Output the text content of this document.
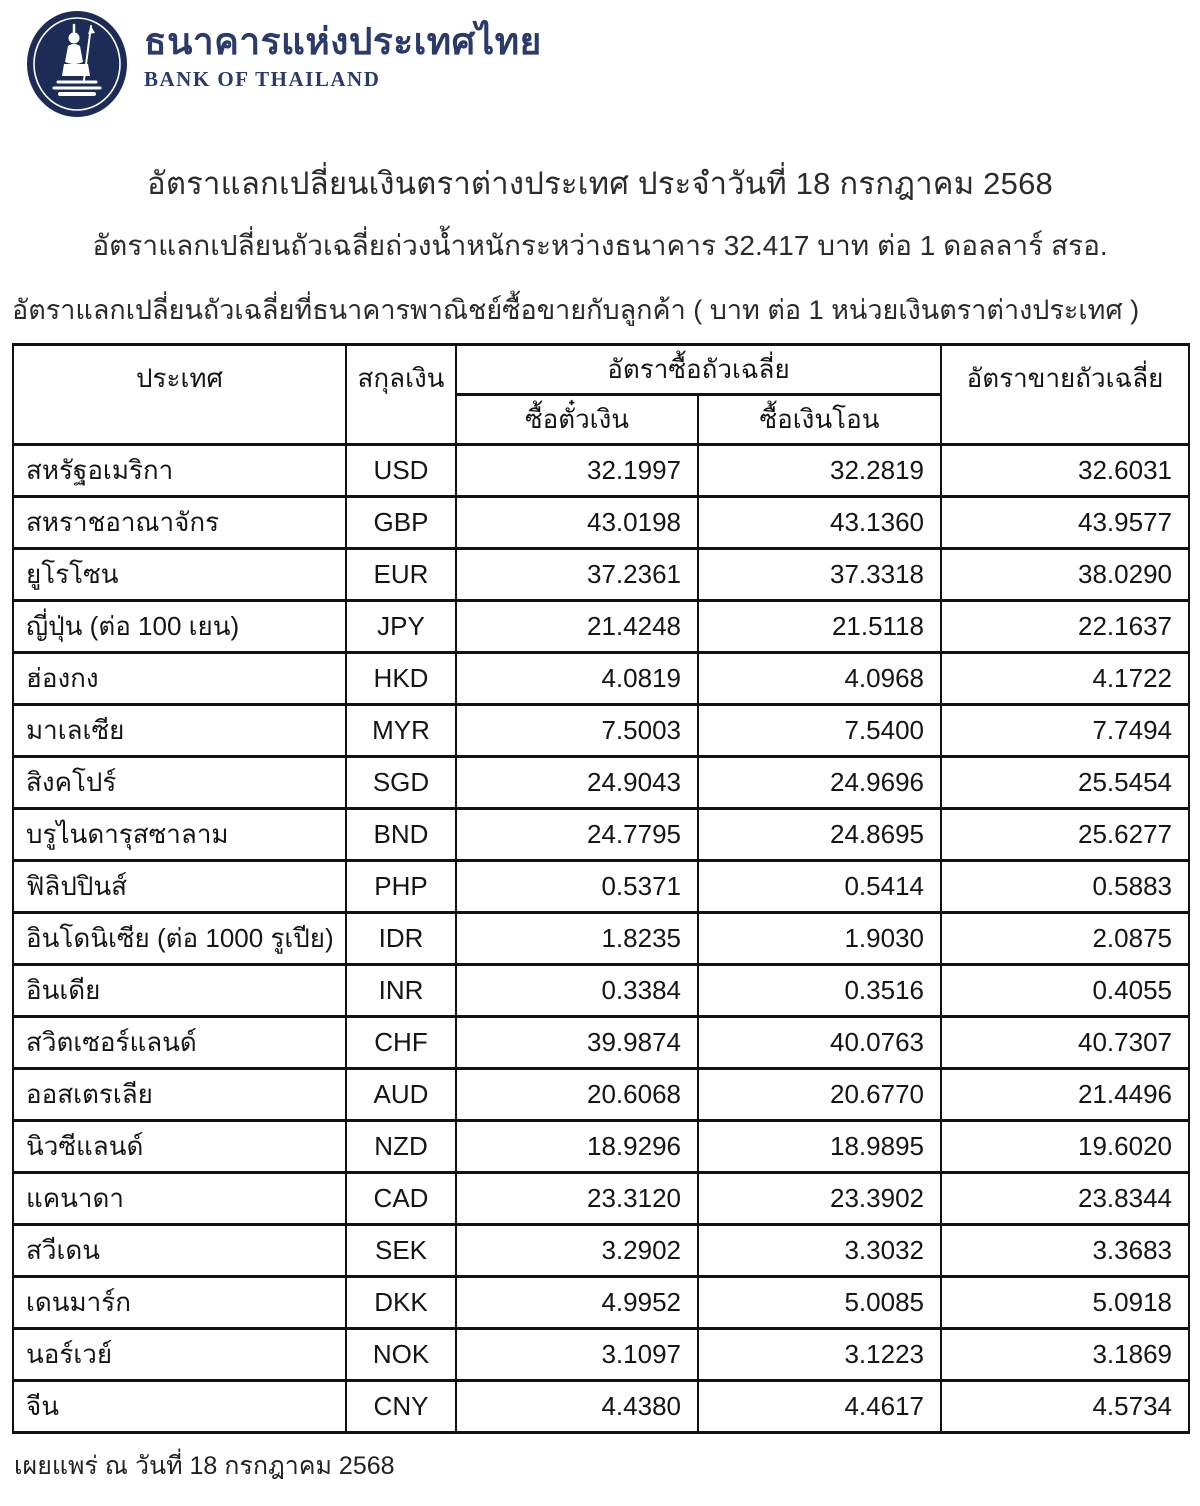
ธนาคารแห่งประเทศไทย
BANK OF THAILAND
อัตราแลกเปลี่ยนเงินตราต่างประเทศ ประจำวันที่ 18 กรกฎาคม 2568
อัตราแลกเปลี่ยนถัวเฉลี่ยถ่วงน้ำหนักระหว่างธนาคาร 32.417 บาท ต่อ 1 ดอลลาร์ สรอ.
อัตราแลกเปลี่ยนถัวเฉลี่ยที่ธนาคารพาณิชย์ซื้อขายกับลูกค้า ( บาท ต่อ 1 หน่วยเงินตราต่างประเทศ )
ประเทศ	สกุลเงิน	อัตราซื้อถัวเฉลี่ย		อัตราขายถัวเฉลี่ย
		ซื้อตั๋วเงิน	ซื้อเงินโอน	
สหรัฐอเมริกา	USD	32.1997	32.2819	32.6031
สหราชอาณาจักร	GBP	43.0198	43.1360	43.9577
ยูโรโซน	EUR	37.2361	37.3318	38.0290
ญี่ปุ่น (ต่อ 100 เยน)	JPY	21.4248	21.5118	22.1637
ฮ่องกง	HKD	4.0819	4.0968	4.1722
มาเลเซีย	MYR	7.5003	7.5400	7.7494
สิงคโปร์	SGD	24.9043	24.9696	25.5454
บรูไนดารุสซาลาม	BND	24.7795	24.8695	25.6277
ฟิลิปปินส์	PHP	0.5371	0.5414	0.5883
อินโดนิเซีย (ต่อ 1000 รูเปีย)	IDR	1.8235	1.9030	2.0875
อินเดีย	INR	0.3384	0.3516	0.4055
สวิตเซอร์แลนด์	CHF	39.9874	40.0763	40.7307
ออสเตรเลีย	AUD	20.6068	20.6770	21.4496
นิวซีแลนด์	NZD	18.9296	18.9895	19.6020
แคนาดา	CAD	23.3120	23.3902	23.8344
สวีเดน	SEK	3.2902	3.3032	3.3683
เดนมาร์ก	DKK	4.9952	5.0085	5.0918
นอร์เวย์	NOK	3.1097	3.1223	3.1869
จีน	CNY	4.4380	4.4617	4.5734
เผยแพร่ ณ วันที่ 18 กรกฎาคม 2568
